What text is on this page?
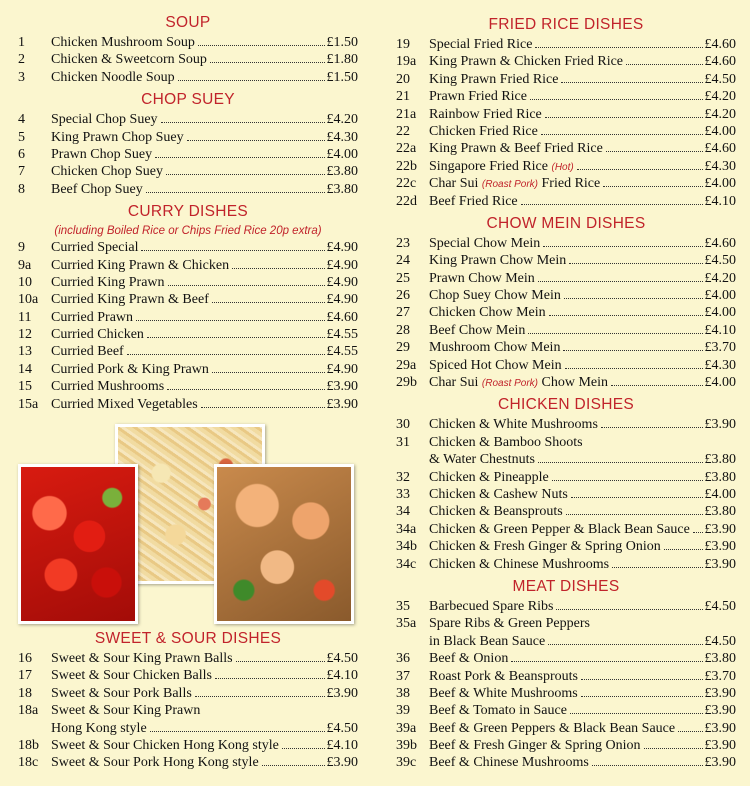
SOUP
1	Chicken Mushroom Soup	£1.50
2	Chicken & Sweetcorn Soup	£1.80
3	Chicken Noodle Soup	£1.50
CHOP SUEY
4	Special Chop Suey	£4.20
5	King Prawn Chop Suey	£4.30
6	Prawn Chop Suey	£4.00
7	Chicken Chop Suey	£3.80
8	Beef Chop Suey	£3.80
CURRY DISHES
(including Boiled Rice or Chips Fried Rice 20p extra)
9	Curried Special	£4.90
9a	Curried King Prawn & Chicken	£4.90
10	Curried King Prawn	£4.90
10a Curried King Prawn & Beef	£4.90
11	Curried Prawn	£4.60
12	Curried Chicken	£4.55
13	Curried Beef	£4.55
14	Curried Pork & King Prawn	£4.90
15	Curried Mushrooms	£3.90
15a Curried Mixed Vegetables	£3.90
SWEET & SOUR DISHES
16	Sweet & Sour King Prawn Balls	£4.50
17	Sweet & Sour Chicken Balls	£4.10
18	Sweet & Sour Pork Balls	£3.90
18a Sweet & Sour King Prawn
Hong Kong style	£4.50
18b Sweet & Sour Chicken Hong Kong style	£4.10
18c Sweet & Sour Pork Hong Kong style	£3.90
FRIED RICE DISHES
19	Special Fried Rice	£4.60
19a King Prawn & Chicken Fried Rice	£4.60
20	King Prawn Fried Rice	£4.50
21	Prawn Fried Rice	£4.20
21a Rainbow Fried Rice	£4.20
22	Chicken Fried Rice	£4.00
22a King Prawn & Beef Fried Rice	£4.60
22b Singapore Fried Rice (Hot)	£4.30
22c Char Sui (Roast Pork) Fried Rice	£4.00
22d Beef Fried Rice	£4.10
CHOW MEIN DISHES
23	Special Chow Mein	£4.60
24	King Prawn Chow Mein	£4.50
25	Prawn Chow Mein	£4.20
26	Chop Suey Chow Mein	£4.00
27	Chicken Chow Mein	£4.00
28	Beef Chow Mein	£4.10
29	Mushroom Chow Mein	£3.70
29a Spiced Hot Chow Mein	£4.30
29b Char Sui (Roast Pork) Chow Mein	£4.00
CHICKEN DISHES
30	Chicken & White Mushrooms	£3.90
31	Chicken & Bamboo Shoots
& Water Chestnuts	£3.80
32	Chicken & Pineapple	£3.80
33	Chicken & Cashew Nuts	£4.00
34	Chicken & Beansprouts	£3.80
34a Chicken & Green Pepper & Black Bean Sauce £3.90
34b Chicken & Fresh Ginger & Spring Onion	£3.90
34c Chicken & Chinese Mushrooms	£3.90
MEAT DISHES
35	Barbecued Spare Ribs	£4.50
35a Spare Ribs & Green Peppers
in Black Bean Sauce	£4.50
36	Beef & Onion	£3.80
37	Roast Pork & Beansprouts	£3.70
38	Beef & White Mushrooms	£3.90
39	Beef & Tomato in Sauce	£3.90
39a Beef & Green Peppers & Black Bean Sauce £3.90
39b Beef & Fresh Ginger & Spring Onion	£3.90
39c Beef & Chinese Mushrooms	£3.90
